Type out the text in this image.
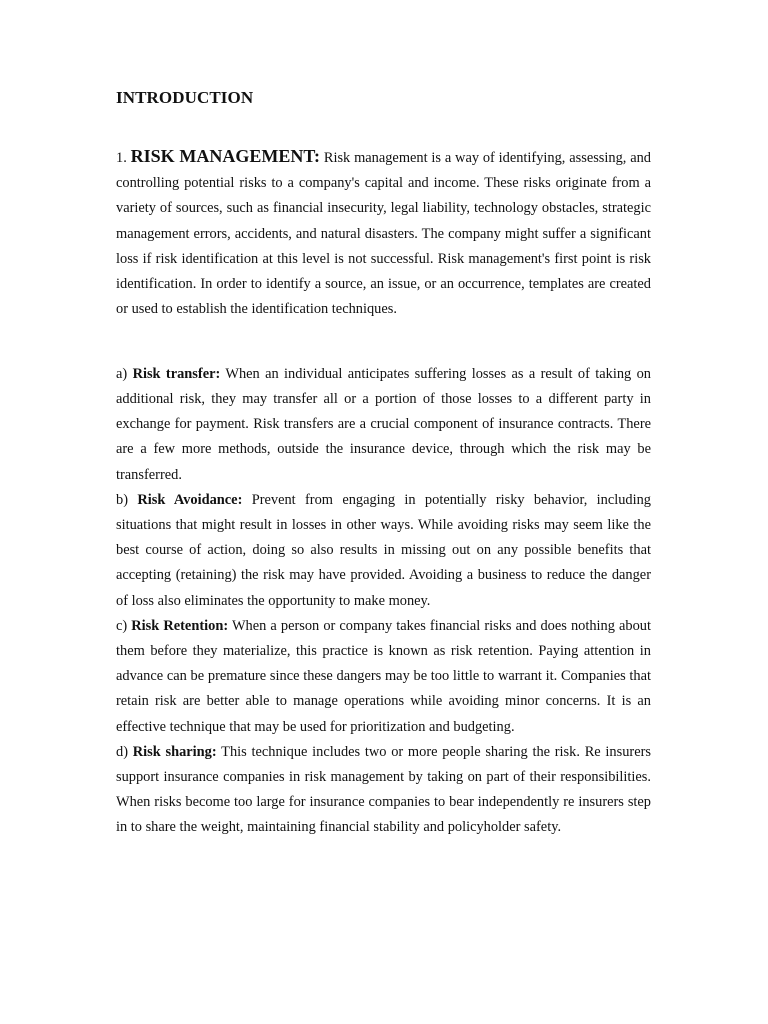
INTRODUCTION

1. RISK MANAGEMENT: Risk management is a way of identifying, assessing, and controlling potential risks to a company's capital and income. These risks originate from a variety of sources, such as financial insecurity, legal liability, technology obstacles, strategic management errors, accidents, and natural disasters. The company might suffer a significant loss if risk identification at this level is not successful. Risk management's first point is risk identification. In order to identify a source, an issue, or an occurrence, templates are created or used to establish the identification techniques.

a) Risk transfer: When an individual anticipates suffering losses as a result of taking on additional risk, they may transfer all or a portion of those losses to a different party in exchange for payment. Risk transfers are a crucial component of insurance contracts. There are a few more methods, outside the insurance device, through which the risk may be transferred.

b) Risk Avoidance: Prevent from engaging in potentially risky behavior, including situations that might result in losses in other ways. While avoiding risks may seem like the best course of action, doing so also results in missing out on any possible benefits that accepting (retaining) the risk may have provided. Avoiding a business to reduce the danger of loss also eliminates the opportunity to make money.

c) Risk Retention: When a person or company takes financial risks and does nothing about them before they materialize, this practice is known as risk retention. Paying attention in advance can be premature since these dangers may be too little to warrant it. Companies that retain risk are better able to manage operations while avoiding minor concerns. It is an effective technique that may be used for prioritization and budgeting.

d) Risk sharing: This technique includes two or more people sharing the risk. Re insurers support insurance companies in risk management by taking on part of their responsibilities. When risks become too large for insurance companies to bear independently re insurers step in to share the weight, maintaining financial stability and policyholder safety.
